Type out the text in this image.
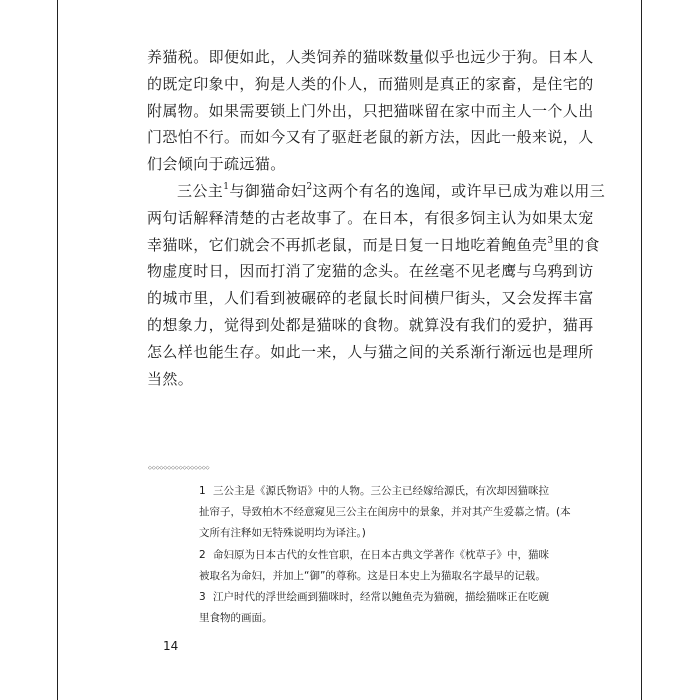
养猫税。即便如此，人类饲养的猫咪数量似乎也远少于狗。日本人
的既定印象中，狗是人类的仆人，而猫则是真正的家畜，是住宅的
附属物。如果需要锁上门外出，只把猫咪留在家中而主人一个人出
门恐怕不行。而如今又有了驱赶老鼠的新方法，因此一般来说，人
们会倾向于疏远猫。

三公主$^1$与御猫命妇$^2$这两个有名的逸闻，或许早已成为难以用三
两句话解释清楚的古老故事了。在日本，有很多饲主认为如果太宠
幸猫咪，它们就会不再抓老鼠，而是日复一日地吃着鲍鱼壳$^3$里的食
物虚度时日，因而打消了宠猫的念头。在丝毫不见老鹰与乌鸦到访
的城市里，人们看到被碾碎的老鼠长时间横尸街头，又会发挥丰富
的想象力，觉得到处都是猫咪的食物。就算没有我们的爱护，猫再
怎么样也能生存。如此一来，人与猫之间的关系渐行渐远也是理所
当然。

◇◇◇◇◇◇◇◇◇◇◇◇◇◇◇◇
1 三公主是《源氏物语》中的人物。三公主已经嫁给源氏，有次却因猫咪拉
扯帘子，导致柏木不经意窥见三公主在闺房中的景象，并对其产生爱慕之情。(本
文所有注释如无特殊说明均为译注。)
2 命妇原为日本古代的女性官职，在日本古典文学著作《枕草子》中，猫咪
被取名为命妇，并加上“御”的尊称。这是日本史上为猫取名字最早的记载。
3 江户时代的浮世绘画到猫咪时，经常以鲍鱼壳为猫碗，描绘猫咪正在吃碗
里食物的画面。
14
